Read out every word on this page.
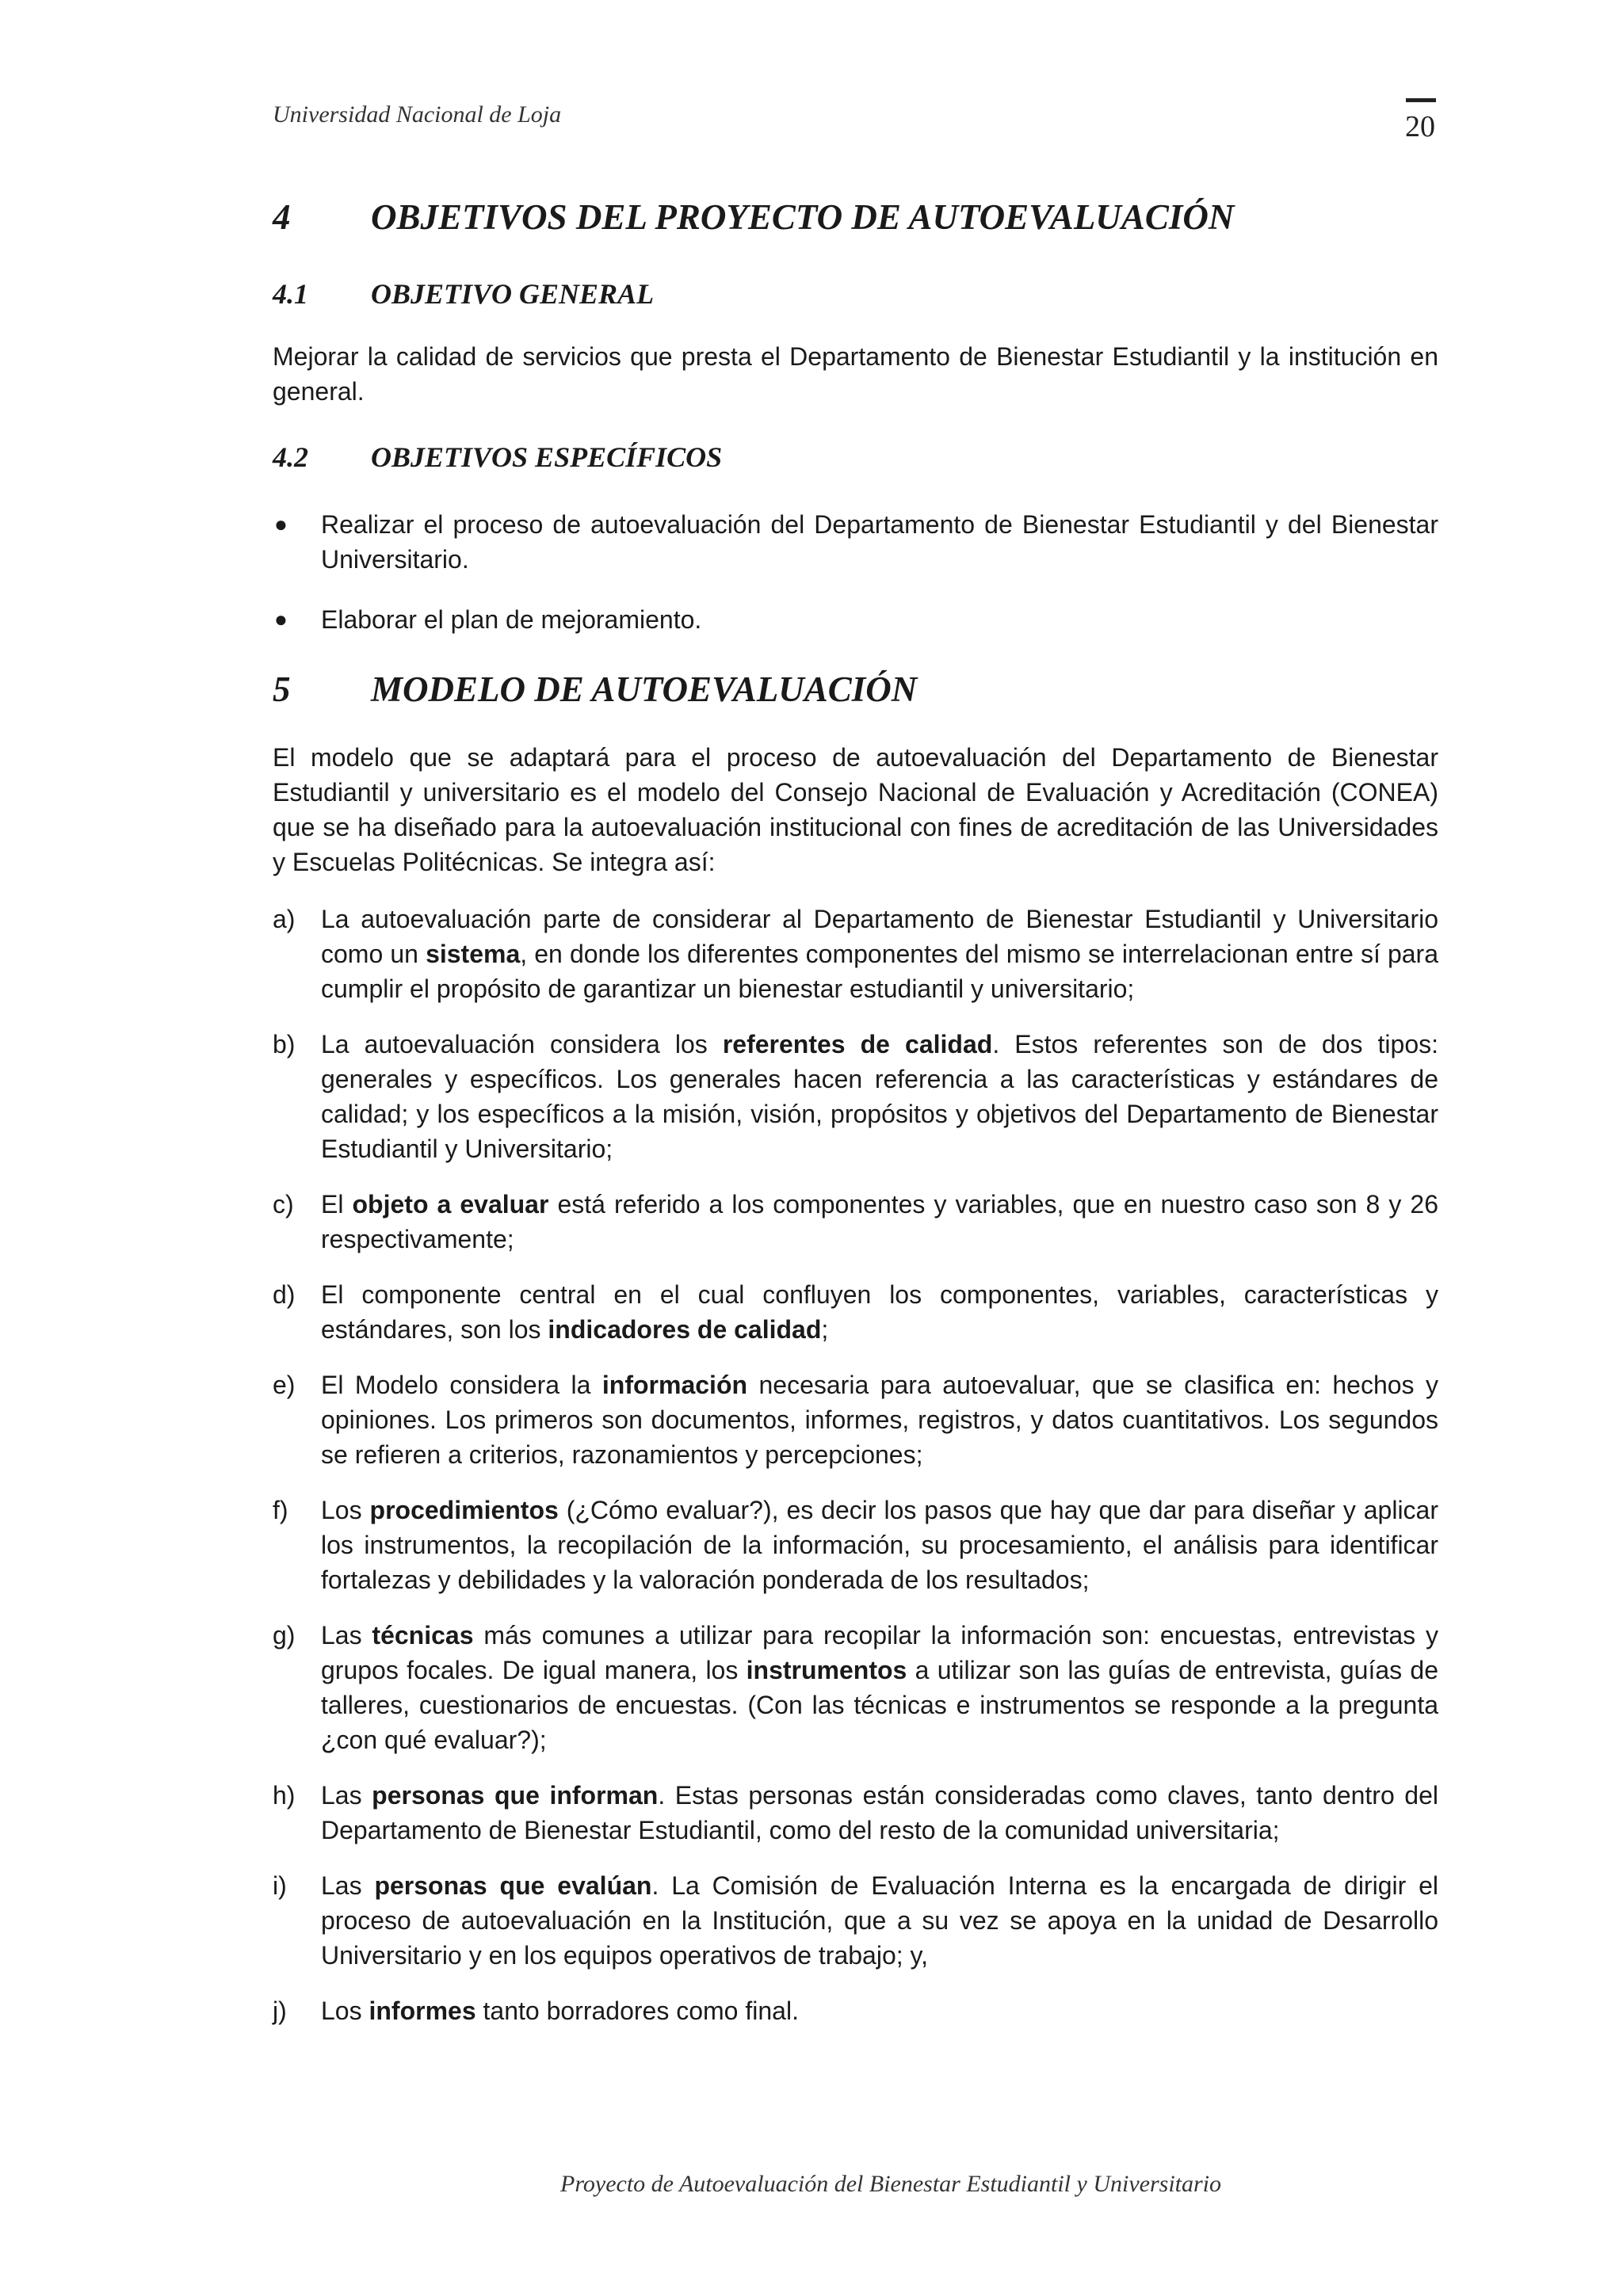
Universidad Nacional de Loja	20
4 OBJETIVOS DEL PROYECTO DE AUTOEVALUACIÓN
4.1 OBJETIVO GENERAL
Mejorar la calidad de servicios que presta el Departamento de Bienestar Estudiantil y la institución en general.
4.2 OBJETIVOS ESPECÍFICOS
● Realizar el proceso de autoevaluación del Departamento de Bienestar Estudiantil y del Bienestar Universitario.
● Elaborar el plan de mejoramiento.
5 MODELO DE AUTOEVALUACIÓN
El modelo que se adaptará para el proceso de autoevaluación del Departamento de Bienestar Estudiantil y universitario es el modelo del Consejo Nacional de Evaluación y Acreditación (CONEA) que se ha diseñado para la autoevaluación institucional con fines de acreditación de las Universidades y Escuelas Politécnicas. Se integra así:
a)	La autoevaluación parte de considerar al Departamento de Bienestar Estudiantil y Universitario como un sistema, en donde los diferentes componentes del mismo se interrelacionan entre sí para cumplir el propósito de garantizar un bienestar estudiantil y universitario;
b)	La autoevaluación considera los referentes de calidad. Estos referentes son de dos tipos: generales y específicos. Los generales hacen referencia a las características y estándares de calidad; y los específicos a la misión, visión, propósitos y objetivos del Departamento de Bienestar Estudiantil y Universitario;
c)	El objeto a evaluar está referido a los componentes y variables, que en nuestro caso son 8 y 26 respectivamente;
d)	El componente central en el cual confluyen los componentes, variables, características y estándares, son los indicadores de calidad;
e)	El Modelo considera la información necesaria para autoevaluar, que se clasifica en: hechos y opiniones. Los primeros son documentos, informes, registros, y datos cuantitativos. Los segundos se refieren a criterios, razonamientos y percepciones;
f)	Los procedimientos (¿Cómo evaluar?), es decir los pasos que hay que dar para diseñar y aplicar los instrumentos, la recopilación de la información, su procesamiento, el análisis para identificar fortalezas y debilidades y la valoración ponderada de los resultados;
g)	Las técnicas más comunes a utilizar para recopilar la información son: encuestas, entrevistas y grupos focales. De igual manera, los instrumentos a utilizar son las guías de entrevista, guías de talleres, cuestionarios de encuestas. (Con las técnicas e instrumentos se responde a la pregunta ¿con qué evaluar?);
h)	Las personas que informan. Estas personas están consideradas como claves, tanto dentro del Departamento de Bienestar Estudiantil, como del resto de la comunidad universitaria;
i)	Las personas que evalúan. La Comisión de Evaluación Interna es la encargada de dirigir el proceso de autoevaluación en la Institución, que a su vez se apoya en la unidad de Desarrollo Universitario y en los equipos operativos de trabajo; y,
j)	Los informes tanto borradores como final.
Proyecto de Autoevaluación del Bienestar Estudiantil y Universitario
